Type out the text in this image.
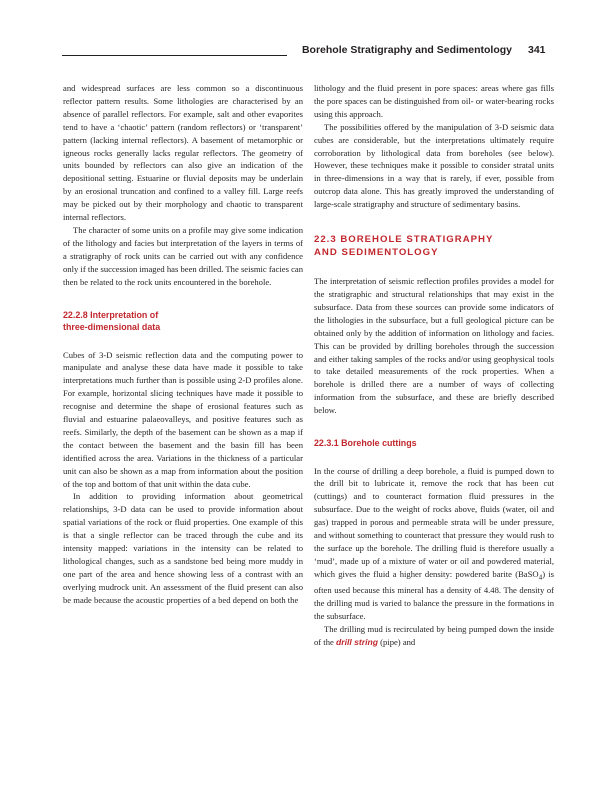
Borehole Stratigraphy and Sedimentology 341

and widespread surfaces are less common so a discontinuous reflector pattern results. Some lithologies are characterised by an absence of parallel reflectors. For example, salt and other evaporites tend to have a ‘chaotic’ pattern (random reflectors) or ‘transparent’ pattern (lacking internal reflectors). A basement of metamorphic or igneous rocks generally lacks regular reflectors. The geometry of units bounded by reflectors can also give an indication of the depositional setting. Estuarine or fluvial deposits may be underlain by an erosional truncation and confined to a valley fill. Large reefs may be picked out by their morphology and chaotic to transparent internal reflectors.

The character of some units on a profile may give some indication of the lithology and facies but interpretation of the layers in terms of a stratigraphy of rock units can be carried out with any confidence only if the succession imaged has been drilled. The seismic facies can then be related to the rock units encountered in the borehole.

22.2.8 Interpretation of
three-dimensional data

Cubes of 3-D seismic reflection data and the computing power to manipulate and analyse these data have made it possible to take interpretations much further than is possible using 2-D profiles alone. For example, horizontal slicing techniques have made it possible to recognise and determine the shape of erosional features such as fluvial and estuarine palaeovalleys, and positive features such as reefs. Similarly, the depth of the basement can be shown as a map if the contact between the basement and the basin fill has been identified across the area. Variations in the thickness of a particular unit can also be shown as a map from information about the position of the top and bottom of that unit within the data cube.

In addition to providing information about geometrical relationships, 3-D data can be used to provide information about spatial variations of the rock or fluid properties. One example of this is that a single reflector can be traced through the cube and its intensity mapped: variations in the intensity can be related to lithological changes, such as a sandstone bed being more muddy in one part of the area and hence showing less of a contrast with an overlying mudrock unit. An assessment of the fluid present can also be made because the acoustic properties of a bed depend on both the

lithology and the fluid present in pore spaces: areas where gas fills the pore spaces can be distinguished from oil- or water-bearing rocks using this approach.

The possibilities offered by the manipulation of 3-D seismic data cubes are considerable, but the interpretations ultimately require corroboration by lithological data from boreholes (see below). However, these techniques make it possible to consider stratal units in three-dimensions in a way that is rarely, if ever, possible from outcrop data alone. This has greatly improved the understanding of large-scale stratigraphy and structure of sedimentary basins.

22.3 BOREHOLE STRATIGRAPHY
AND SEDIMENTOLOGY

The interpretation of seismic reflection profiles provides a model for the stratigraphic and structural relationships that may exist in the subsurface. Data from these sources can provide some indicators of the lithologies in the subsurface, but a full geological picture can be obtained only by the addition of information on lithology and facies. This can be provided by drilling boreholes through the succession and either taking samples of the rocks and/or using geophysical tools to take detailed measurements of the rock properties. When a borehole is drilled there are a number of ways of collecting information from the subsurface, and these are briefly described below.

22.3.1 Borehole cuttings

In the course of drilling a deep borehole, a fluid is pumped down to the drill bit to lubricate it, remove the rock that has been cut (cuttings) and to counteract formation fluid pressures in the subsurface. Due to the weight of rocks above, fluids (water, oil and gas) trapped in porous and permeable strata will be under pressure, and without something to counteract that pressure they would rush to the surface up the borehole. The drilling fluid is therefore usually a ‘mud’, made up of a mixture of water or oil and powdered material, which gives the fluid a higher density: powdered barite (BaSO$_4$) is often used because this mineral has a density of 4.48. The density of the drilling mud is varied to balance the pressure in the formations in the subsurface.

The drilling mud is recirculated by being pumped down the inside of the drill string (pipe) and
